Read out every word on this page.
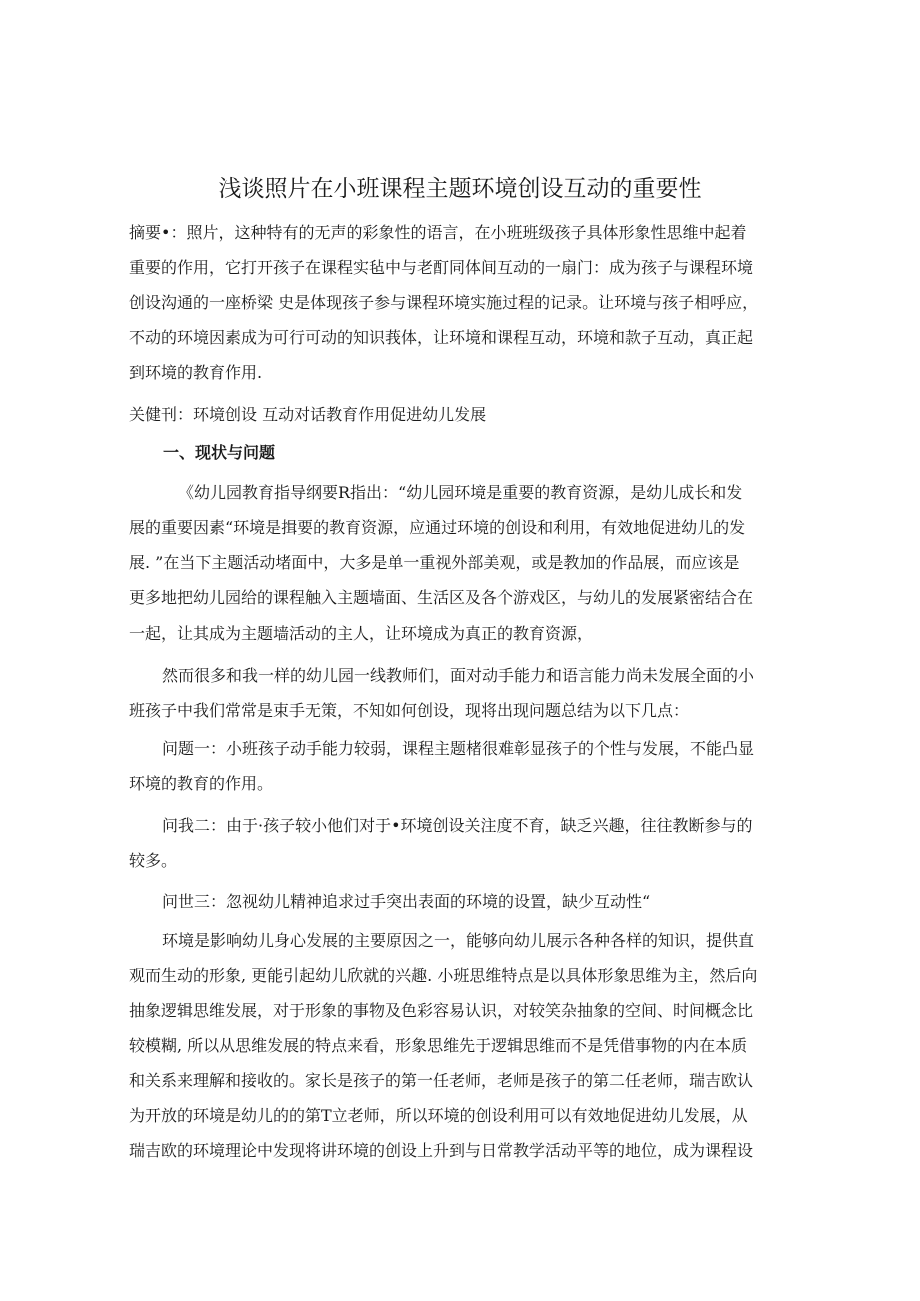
浅谈照片在小班课程主题环境创设互动的重要性
摘要•：照片，这种特有的无声的彩象性的语言，在小班班级孩子具体形象性思维中起着
重要的作用，它打开孩子在课程实毡中与老酊同体间互动的一扇门：成为孩子与课程环境
创设沟通的一座桥梁 史是体现孩子参与课程环境实施过程的记录。让环境与孩子相呼应，
不动的环境因素成为可行可动的知识莪体，让环境和课程互动，环境和款子互动，真正起
到环境的教育作用.
关健刊：环境创设 互动对话教育作用促进幼儿发展
一、现状与问题
《幼儿园教育指导纲要R指出：“幼儿园环境是重要的教育资源，是幼儿成长和发
展的重要因素“环境是揖要的教育资源，应通过环境的创设和利用，有效地促进幼儿的发
展. ”在当下主题活动堵面中，大多是单一重视外部美观，或是教加的作品展，而应该是
更多地把幼儿园给的课程触入主题墙面、生活区及各个游戏区，与幼儿的发展紧密结合在
一起，让其成为主题墙活动的主人，让环境成为真正的教育资源，
然而很多和我一样的幼儿园一线教师们，面对动手能力和语言能力尚未发展全面的小
班孩子中我们常常是束手无策，不知如何创设，现将出现问题总结为以下几点：
问题一：小班孩子动手能力较弱，课程主题楮很难彰显孩子的个性与发展，不能凸显
环境的教育的作用。
问我二：由于·孩子较小他们对于•环境创设关注度不育，缺乏兴趣，往往教断参与的
较多。
问世三：忽视幼儿精神追求过手突出表面的环境的设置，缺少互动性“
环境是影响幼儿身心发展的主要原因之一，能够向幼儿展示各种各样的知识，提供直
观而生动的形象, 更能引起幼儿欣就的兴趣. 小班思维特点是以具体形象思维为主，然后向
抽象逻辑思维发展，对于形象的事物及色彩容易认识，对较笑杂抽象的空间、时间概念比
较模糊, 所以从思维发展的特点来看，形象思维先于逻辑思维而不是凭借事物的内在本质
和关系来理解和接收的。家长是孩子的第一任老师，老师是孩子的第二任老师，瑞吉欧认
为开放的环境是幼儿的的第T立老师，所以环境的创设利用可以有效地促进幼儿发展，从
瑞吉欧的环境理论中发现将讲环境的创设上升到与日常教学活动平等的地位，成为课程设
